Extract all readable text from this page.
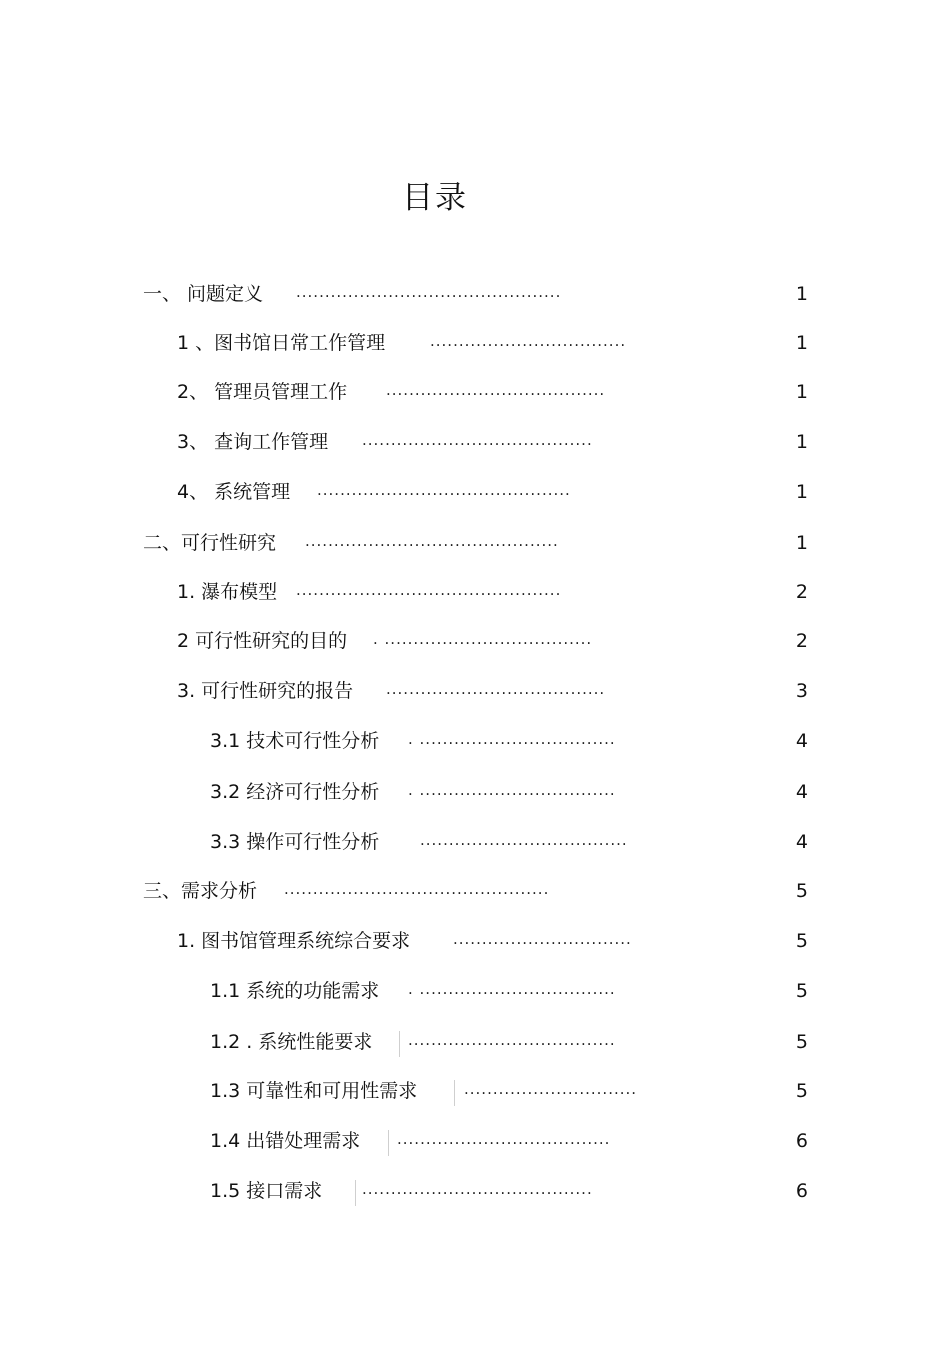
目录
一、 问题定义 ..............................................	1
1 、图书馆日常工作管理	..................................	1
2、 管理员管理工作	......................................	1
3、 查询工作管理 ........................................	1
4、 系统管理 ............................................	1
二、可行性研究 ............................................	1
1. 瀑布模型 ..............................................	2
2 可行性研究的目的 . ....................................	2
3. 可行性研究的报告 ......................................	3
3.1 技术可行性分析 . ..................................	4
3.2 经济可行性分析 . ..................................	4
3.3 操作可行性分析	....................................	4
三、需求分析 ..............................................	5
1. 图书馆管理系统综合要求	...............................	5
1.1 系统的功能需求 . ..................................	5
1.2 . 系统性能要求 ....................................	5
1.3 可靠性和可用性需求	..............................	5
1.4 出错处理需求 .....................................	6
1.5 接口需求	........................................	6
